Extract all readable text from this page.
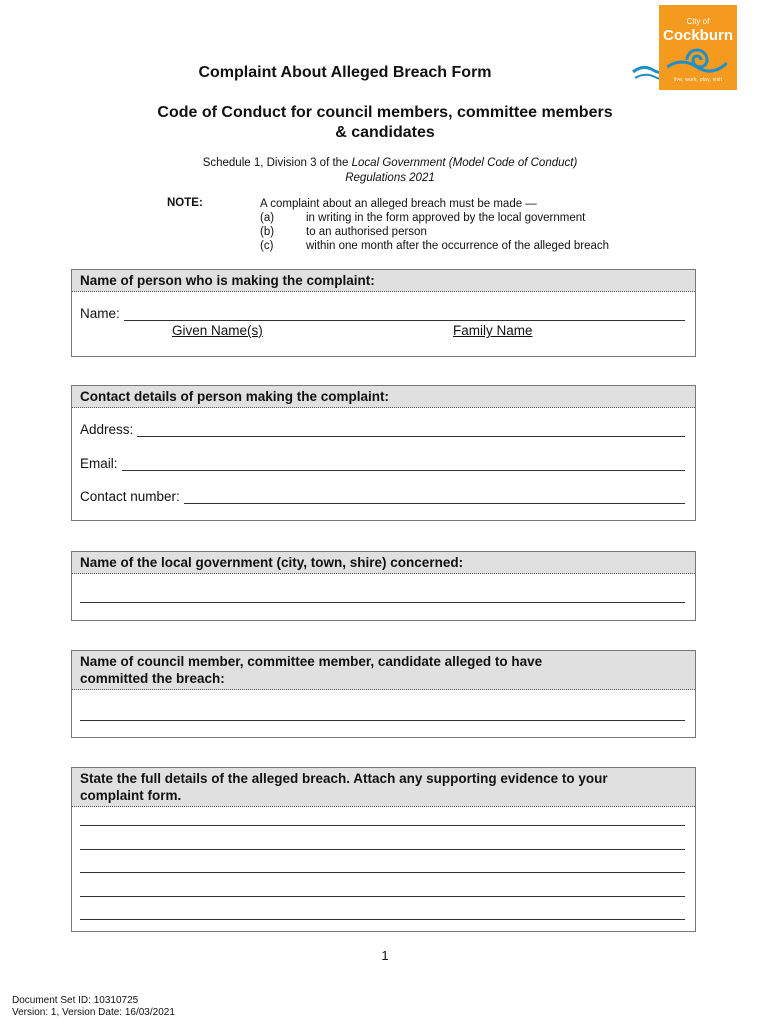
City of
Cockburn
live, work, play, visit
Complaint About Alleged Breach Form
Code of Conduct for council members, committee members
& candidates
Schedule 1, Division 3 of the Local Government (Model Code of Conduct)
Regulations 2021
NOTE:	A complaint about an alleged breach must be made —
(a)	in writing in the form approved by the local government
(b)	to an authorised person
(c)	within one month after the occurrence of the alleged breach
Name of person who is making the complaint:
Name:
Given Name(s)	Family Name
Contact details of person making the complaint:
Address:
Email:
Contact number:
Name of the local government (city, town, shire) concerned:
Name of council member, committee member, candidate alleged to have
committed the breach:
State the full details of the alleged breach. Attach any supporting evidence to your
complaint form.
1
Document Set ID: 10310725
Version: 1, Version Date: 16/03/2021
